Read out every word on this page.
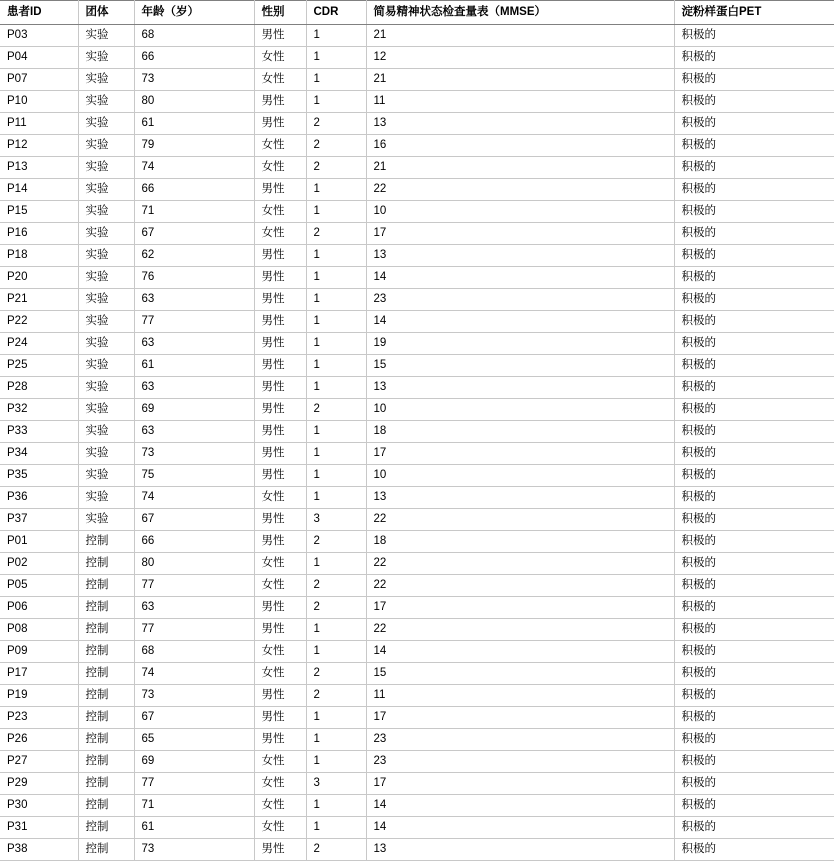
患者ID	团体	年龄（岁）	性别	CDR	简易精神状态检查量表（MMSE）	淀粉样蛋白PET
P03	实验	68	男性	1	21	积极的
P04	实验	66	女性	1	12	积极的
P07	实验	73	女性	1	21	积极的
P10	实验	80	男性	1	11	积极的
P11	实验	61	男性	2	13	积极的
P12	实验	79	女性	2	16	积极的
P13	实验	74	女性	2	21	积极的
P14	实验	66	男性	1	22	积极的
P15	实验	71	女性	1	10	积极的
P16	实验	67	女性	2	17	积极的
P18	实验	62	男性	1	13	积极的
P20	实验	76	男性	1	14	积极的
P21	实验	63	男性	1	23	积极的
P22	实验	77	男性	1	14	积极的
P24	实验	63	男性	1	19	积极的
P25	实验	61	男性	1	15	积极的
P28	实验	63	男性	1	13	积极的
P32	实验	69	男性	2	10	积极的
P33	实验	63	男性	1	18	积极的
P34	实验	73	男性	1	17	积极的
P35	实验	75	男性	1	10	积极的
P36	实验	74	女性	1	13	积极的
P37	实验	67	男性	3	22	积极的
P01	控制	66	男性	2	18	积极的
P02	控制	80	女性	1	22	积极的
P05	控制	77	女性	2	22	积极的
P06	控制	63	男性	2	17	积极的
P08	控制	77	男性	1	22	积极的
P09	控制	68	女性	1	14	积极的
P17	控制	74	女性	2	15	积极的
P19	控制	73	男性	2	11	积极的
P23	控制	67	男性	1	17	积极的
P26	控制	65	男性	1	23	积极的
P27	控制	69	女性	1	23	积极的
P29	控制	77	女性	3	17	积极的
P30	控制	71	女性	1	14	积极的
P31	控制	61	女性	1	14	积极的
P38	控制	73	男性	2	13	积极的
